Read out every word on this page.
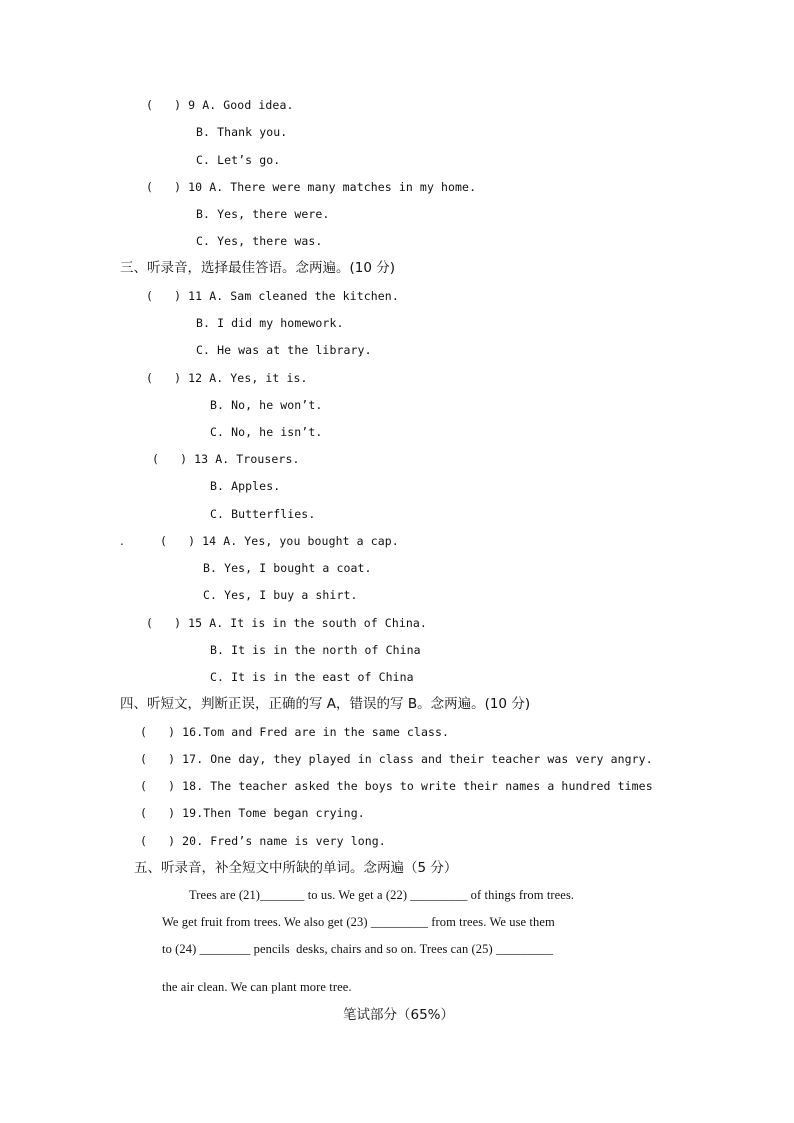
(   ) 9 A. Good idea.
B. Thank you.
C. Let’s go.
(   ) 10 A. There were many matches in my home.
B. Yes, there were.
C. Yes, there was.
三、听录音，选择最佳答语。念两遍。(10 分)
(   ) 11 A. Sam cleaned the kitchen.
B. I did my homework.
C. He was at the library.
(   ) 12 A. Yes, it is.
B. No, he won’t.
C. No, he isn’t.
(   ) 13 A. Trousers.
B. Apples.
C. Butterflies.
.	(   ) 14 A. Yes, you bought a cap.
B. Yes, I bought a coat.
C. Yes, I buy a shirt.
(   ) 15 A. It is in the south of China.
B. It is in the north of China
C. It is in the east of China
四、听短文，判断正误，正确的写 A，错误的写 B。念两遍。(10 分)
(   ) 16.Tom and Fred are in the same class.
(   ) 17. One day, they played in class and their teacher was very angry.
(   ) 18. The teacher asked the boys to write their names a hundred times
(   ) 19.Then Tome began crying.
(   ) 20. Fred’s name is very long.
五、听录音，补全短文中所缺的单词。念两遍（5 分）
Trees are (21)_______ to us. We get a (22) _________ of things from trees.
We get fruit from trees. We also get (23) _________ from trees. We use them
to (24) ________ pencils  desks, chairs and so on. Trees can (25) _________
the air clean. We can plant more tree.
笔试部分（65%）
